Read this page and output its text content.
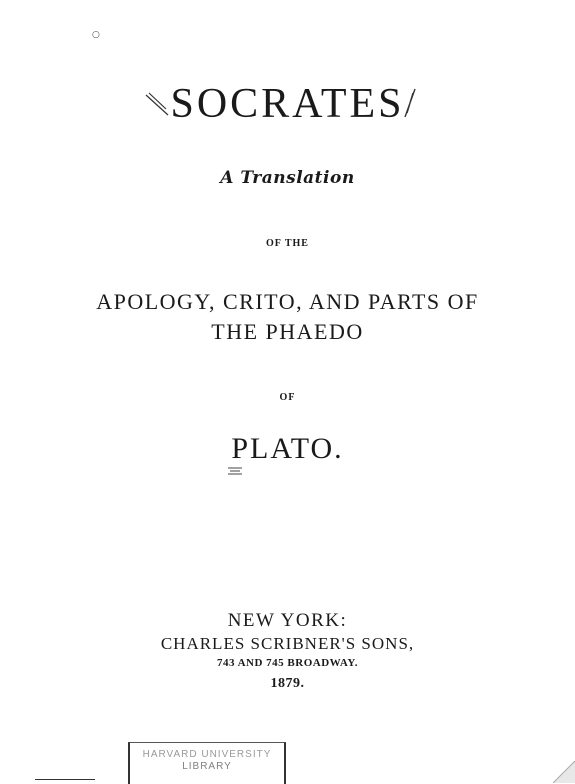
○
SOCRATES
A Translation
OF THE
APOLOGY, CRITO, AND PARTS OF
THE PHAEDO
OF
PLATO.
NEW YORK:
CHARLES SCRIBNER'S SONS,
743 AND 745 BROADWAY.
1879.
HARVARD UNIVERSITY
LIBRARY
